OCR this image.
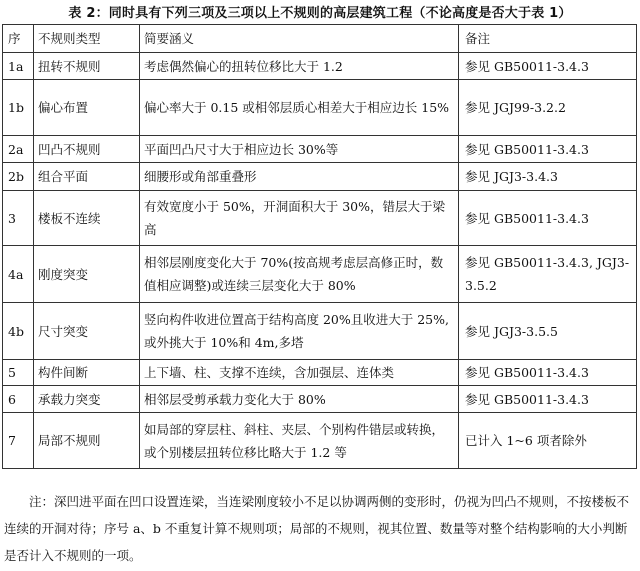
表 2：同时具有下列三项及三项以上不规则的高层建筑工程（不论高度是否大于表 1）
序	不规则类型	简要涵义	备注
1a	扭转不规则	考虑偶然偏心的扭转位移比大于 1.2	参见 GB50011-3.4.3
1b	偏心布置	偏心率大于 0.15 或相邻层质心相差大于相应边长 15%	参见 JGJ99-3.2.2
2a	凹凸不规则	平面凹凸尺寸大于相应边长 30%等	参见 GB50011-3.4.3
2b	组合平面	细腰形或角部重叠形	参见 JGJ3-3.4.3
3	楼板不连续	有效宽度小于 50%，开洞面积大于 30%，错层大于梁高	参见 GB50011-3.4.3
4a	刚度突变	相邻层刚度变化大于 70%(按高规考虑层高修正时，数值相应调整)或连续三层变化大于 80%	参见 GB50011-3.4.3, JGJ3-3.5.2
4b	尺寸突变	竖向构件收进位置高于结构高度 20%且收进大于 25%,或外挑大于 10%和 4m,多塔	参见 JGJ3-3.5.5
5	构件间断	上下墙、柱、支撑不连续，含加强层、连体类	参见 GB50011-3.4.3
6	承载力突变	相邻层受剪承载力变化大于 80%	参见 GB50011-3.4.3
7	局部不规则	如局部的穿层柱、斜柱、夹层、个别构件错层或转换，或个别楼层扭转位移比略大于 1.2 等	已计入 1~6 项者除外
注：深凹进平面在凹口设置连梁，当连梁刚度较小不足以协调两侧的变形时，仍视为凹凸不规则，不按楼板不连续的开洞对待；序号 a、b 不重复计算不规则项；局部的不规则，视其位置、数量等对整个结构影响的大小判断是否计入不规则的一项。
